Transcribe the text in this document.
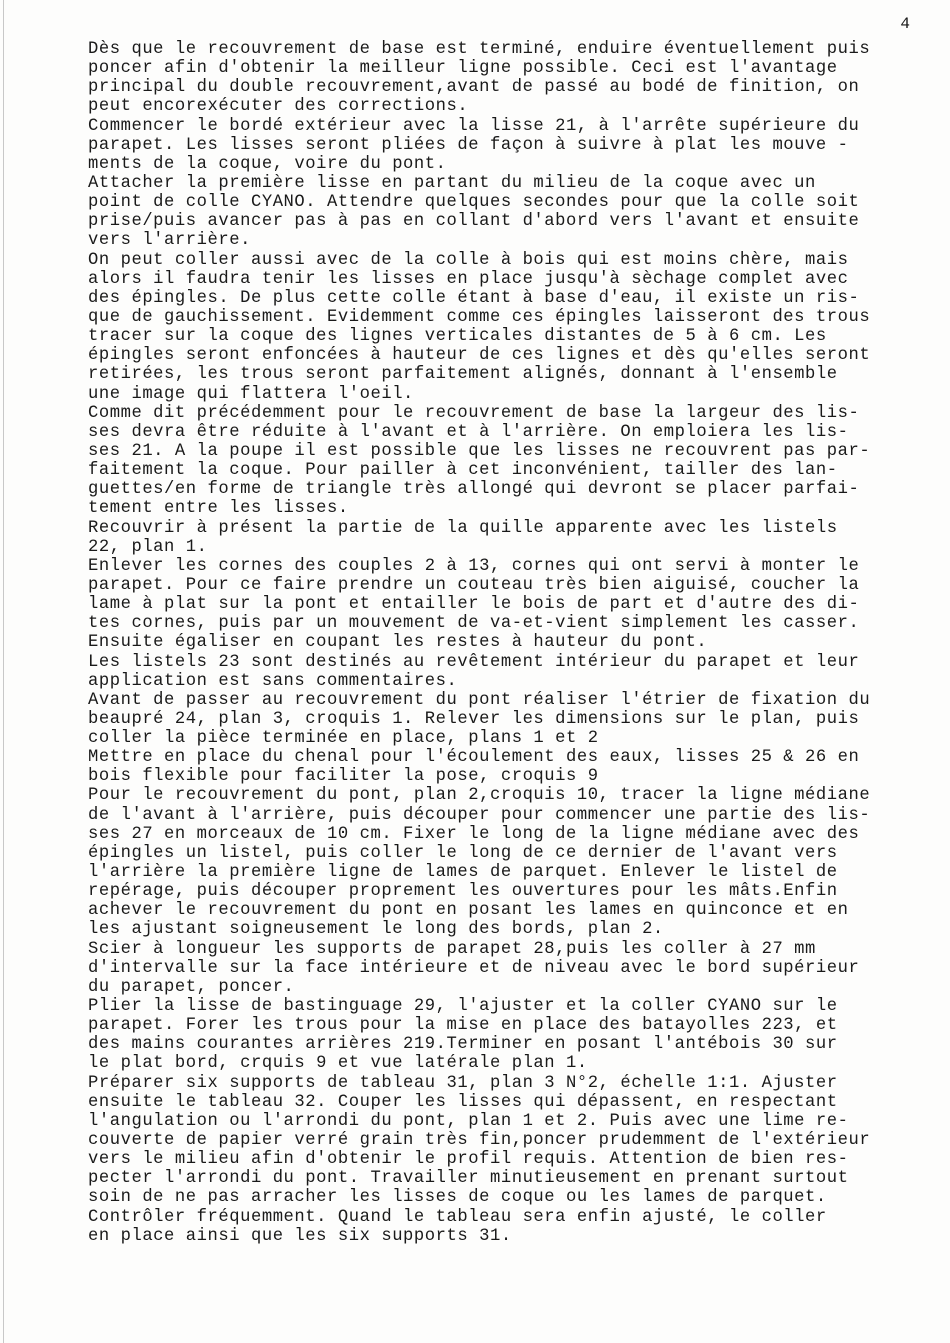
4
Dès que le recouvrement de base est terminé, enduire éventuellement puis
poncer afin d'obtenir la meilleur ligne possible. Ceci est l'avantage
principal du double recouvrement,avant de passé au bodé de finition, on
peut encorexécuter des corrections.
Commencer le bordé extérieur avec la lisse 21, à l'arrête supérieure du
parapet. Les lisses seront pliées de façon à suivre à plat les mouve -
ments de la coque, voire du pont.
Attacher la première lisse en partant du milieu de la coque avec un
point de colle CYANO. Attendre quelques secondes pour que la colle soit
prise/puis avancer pas à pas en collant d'abord vers l'avant et ensuite
vers l'arrière.
On peut coller aussi avec de la colle à bois qui est moins chère, mais
alors il faudra tenir les lisses en place jusqu'à sèchage complet avec
des épingles. De plus cette colle étant à base d'eau, il existe un ris-
que de gauchissement. Evidemment comme ces épingles laisseront des trous
tracer sur la coque des lignes verticales distantes de 5 à 6 cm. Les
épingles seront enfoncées à hauteur de ces lignes et dès qu'elles seront
retirées, les trous seront parfaitement alignés, donnant à l'ensemble
une image qui flattera l'oeil.
Comme dit précédemment pour le recouvrement de base la largeur des lis-
ses devra être réduite à l'avant et à l'arrière. On emploiera les lis-
ses 21. A la poupe il est possible que les lisses ne recouvrent pas par-
faitement la coque. Pour pailler à cet inconvénient, tailler des lan-
guettes/en forme de triangle très allongé qui devront se placer parfai-
tement entre les lisses.
Recouvrir à présent la partie de la quille apparente avec les listels
22, plan 1.
Enlever les cornes des couples 2 à 13, cornes qui ont servi à monter le
parapet. Pour ce faire prendre un couteau très bien aiguisé, coucher la
lame à plat sur la pont et entailler le bois de part et d'autre des di-
tes cornes, puis par un mouvement de va-et-vient simplement les casser.
Ensuite égaliser en coupant les restes à hauteur du pont.
Les listels 23 sont destinés au revêtement intérieur du parapet et leur
application est sans commentaires.
Avant de passer au recouvrement du pont réaliser l'étrier de fixation du
beaupré 24, plan 3, croquis 1. Relever les dimensions sur le plan, puis
coller la pièce terminée en place, plans 1 et 2
Mettre en place du chenal pour l'écoulement des eaux, lisses 25 & 26 en
bois flexible pour faciliter la pose, croquis 9
Pour le recouvrement du pont, plan 2,croquis 10, tracer la ligne médiane
de l'avant à l'arrière, puis découper pour commencer une partie des lis-
ses 27 en morceaux de 10 cm. Fixer le long de la ligne médiane avec des
épingles un listel, puis coller le long de ce dernier de l'avant vers
l'arrière la première ligne de lames de parquet. Enlever le listel de
repérage, puis découper proprement les ouvertures pour les mâts.Enfin
achever le recouvrement du pont en posant les lames en quinconce et en
les ajustant soigneusement le long des bords, plan 2.
Scier à longueur les supports de parapet 28,puis les coller à 27 mm
d'intervalle sur la face intérieure et de niveau avec le bord supérieur
du parapet, poncer.
Plier la lisse de bastinguage 29, l'ajuster et la coller CYANO sur le
parapet. Forer les trous pour la mise en place des batayolles 223, et
des mains courantes arrières 219.Terminer en posant l'antébois 30 sur
le plat bord, crquis 9 et vue latérale plan 1.
Préparer six supports de tableau 31, plan 3 N°2, échelle 1:1. Ajuster
ensuite le tableau 32. Couper les lisses qui dépassent, en respectant
l'angulation ou l'arrondi du pont, plan 1 et 2. Puis avec une lime re-
couverte de papier verré grain très fin,poncer prudemment de l'extérieur
vers le milieu afin d'obtenir le profil requis. Attention de bien res-
pecter l'arrondi du pont. Travailler minutieusement en prenant surtout
soin de ne pas arracher les lisses de coque ou les lames de parquet.
Contrôler fréquemment. Quand le tableau sera enfin ajusté, le coller
en place ainsi que les six supports 31.
